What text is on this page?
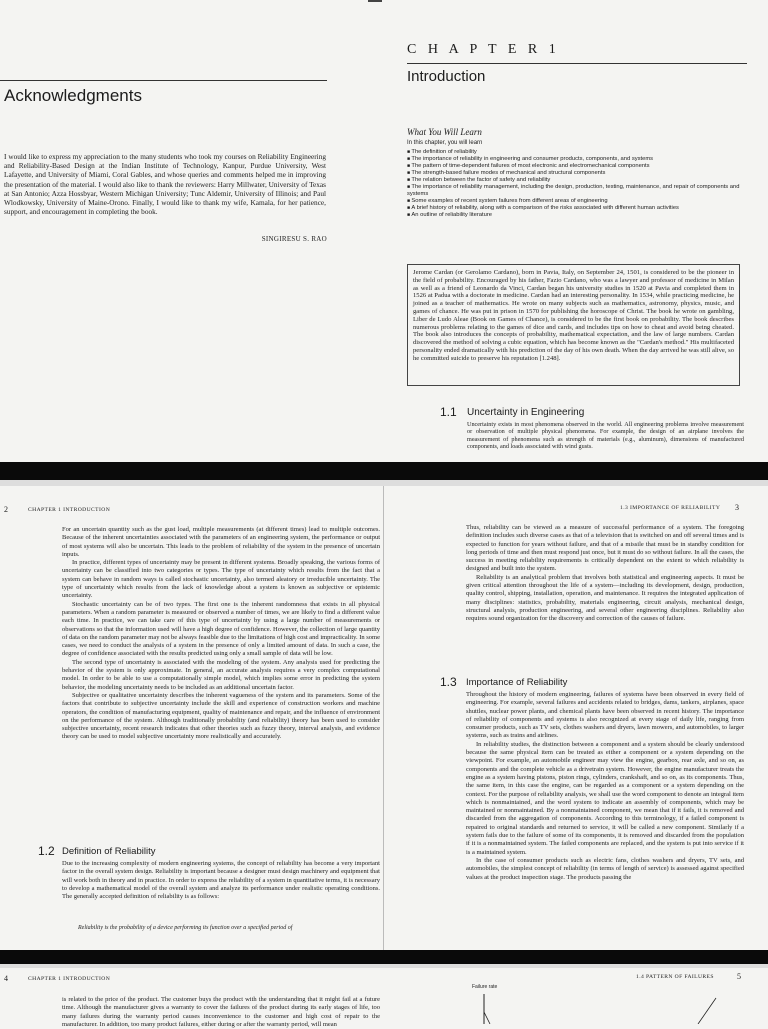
Acknowledgments
I would like to express my appreciation to the many students who took my courses on Reliability Engineering and Reliability-Based Design at the Indian Institute of Technology, Kanpur, Purdue University, West Lafayette, and University of Miami, Coral Gables, and whose queries and comments helped me in improving the presentation of the material. I would also like to thank the reviewers: Harry Millwater, University of Texas at San Antonio; Azza Hossbyar, Western Michigan University; Tunc Aldemir, University of Illinois; and Paul Wlodkowsky, University of Maine-Orono. Finally, I would like to thank my wife, Kamala, for her patience, support, and encouragement in completing the book.
SINGIRESU S. RAO
C H A P T E R 1
Introduction
What You Will Learn
In this chapter, you will learn
■ The definition of reliability
■ The importance of reliability in engineering and consumer products, components, and systems
■ The pattern of time-dependent failures of most electronic and electromechanical components
■ The strength-based failure modes of mechanical and structural components
■ The relation between the factor of safety and reliability
■ The importance of reliability management, including the design, production, testing, maintenance, and repair of components and systems
■ Some examples of recent system failures from different areas of engineering
■ A brief history of reliability, along with a comparison of the risks associated with different human activities
■ An outline of reliability literature
Jerome Cardan (or Gerolamo Cardano), born in Pavia, Italy, on September 24, 1501, is considered to be the pioneer in the field of probability. Encouraged by his father, Fazio Cardano, who was a lawyer and professor of medicine in Milan as well as a friend of Leonardo da Vinci, Cardan began his university studies in 1520 at Pavia and completed them in 1526 at Padua with a doctorate in medicine. Cardan had an interesting personality. In 1534, while practicing medicine, he joined as a teacher of mathematics. He wrote on many subjects such as mathematics, astronomy, physics, music, and games of chance. He was put in prison in 1570 for publishing the horoscope of Christ. The book he wrote on gambling, Liber de Ludo Aleae (Book on Games of Chance), is considered to be the first book on probability. The book describes numerous problems relating to the games of dice and cards, and includes tips on how to cheat and avoid being cheated. The book also introduces the concepts of probability, mathematical expectation, and the law of large numbers. Cardan discovered the method of solving a cubic equation, which has become known as the "Cardan's method." His multifaceted personality ended dramatically with his prediction of the day of his own death. When the day arrived he was still alive, so he committed suicide to preserve his reputation [1.248].
1.1 Uncertainty in Engineering
Uncertainty exists in most phenomena observed in the world. All engineering problems involve measurement or observation of multiple physical phenomena. For example, the design of an airplane involves the measurement of phenomena such as strength of materials (e.g., aluminum), dimensions of manufactured components, and loads associated with wind gusts.
2	CHAPTER 1 INTRODUCTION

For an uncertain quantity such as the gust load, multiple measurements (at different times) lead to multiple outcomes. Because of the inherent uncertainties associated with the parameters of an engineering system, the performance or output of most systems will also be uncertain. This leads to the problem of reliability of the system in the presence of uncertain inputs.

In practice, different types of uncertainty may be present in different systems. Broadly speaking, the various forms of uncertainty can be classified into two categories or types. The type of uncertainty which results from the fact that a system can behave in random ways is called stochastic uncertainty, also termed aleatory or irreducible uncertainty. The type of uncertainty which results from the lack of knowledge about a system is known as subjective or epistemic uncertainty.

Stochastic uncertainty can be of two types. The first one is the inherent randomness that exists in all physical parameters. When a random parameter is measured or observed a number of times, we are likely to find a different value each time. In practice, we can take care of this type of uncertainty by using a large number of measurements or observations so that the information used will have a high degree of confidence. However, the collection of large quantity of data on the random parameter may not be always feasible due to the limitations of high cost and impracticality. In some cases, we need to conduct the analysis of a system in the presence of only a limited amount of data. In such a case, the degree of confidence associated with the results predicted using only a small sample of data will be low.

The second type of uncertainty is associated with the modeling of the system. Any analysis used for predicting the behavior of the system is only approximate. In general, an accurate analysis requires a very complex computational model. In order to be able to use a computationally simple model, which implies some error in predicting the system behavior, the modeling uncertainty needs to be included as an additional uncertain factor.

Subjective or qualitative uncertainty describes the inherent vagueness of the system and its parameters. Some of the factors that contribute to subjective uncertainty include the skill and experience of construction workers and machine operators, the condition of manufacturing equipment, quality of maintenance and repair, and the influence of environment on the performance of the system. Although traditionally probability (and reliability) theory has been used to consider subjective uncertainty, recent research indicates that other theories such as fuzzy theory, interval analysis, and evidence theory can be used to model subjective uncertainty more realistically and accurately.

1.2 Definition of Reliability
Due to the increasing complexity of modern engineering systems, the concept of reliability has become a very important factor in the overall system design. Reliability is important because a designer must design machinery and equipment that will work both in theory and in practice. In order to express the reliability of a system in quantitative terms, it is necessary to develop a mathematical model of the overall system and analyze its performance under realistic operating conditions. The generally accepted definition of reliability is as follows:
Reliability is the probability of a device performing its function over a specified period of
1.3 IMPORTANCE OF RELIABILITY 3

Thus, reliability can be viewed as a measure of successful performance of a system. The foregoing definition includes such diverse cases as that of a television that is switched on and off several times and is expected to function for years without failure, and that of a missile that must be in standby condition for long periods of time and then must respond just once, but it must do so without failure. In all the cases, the success in meeting reliability requirements is critically dependent on the extent to which reliability is designed and built into the system.

Reliability is an analytical problem that involves both statistical and engineering aspects. It must be given critical attention throughout the life of a system—including its development, design, production, quality control, shipping, installation, operation, and maintenance. It requires the integrated application of many disciplines: statistics, probability, materials engineering, circuit analysis, mechanical design, structural analysis, production engineering, and several other engineering disciplines. Reliability also requires sound organization for the discovery and correction of the causes of failure.

1.3 Importance of Reliability

Throughout the history of modern engineering, failures of systems have been observed in every field of engineering. For example, several failures and accidents related to bridges, dams, tankers, airplanes, space shuttles, nuclear power plants, and chemical plants have been observed in recent history. The importance of reliability of components and systems is also recognized at every stage of daily life, ranging from consumer products, such as TV sets, clothes washers and dryers, lawn mowers, and automobiles, to larger systems, such as trains and airlines.

In reliability studies, the distinction between a component and a system should be clearly understood because the same physical item can be treated as either a component or a system depending on the viewpoint. For example, an automobile engineer may view the engine, gearbox, rear axle, and so on, as components and the complete vehicle as a drivetrain system. However, the engine manufacturer treats the engine as a system having pistons, piston rings, cylinders, crankshaft, and so on, as its components. Thus, the same item, in this case the engine, can be regarded as a component or a system depending on the context. For the purpose of reliability analysis, we shall use the word component to denote an integral item which is nonmaintained, and the word system to indicate an assembly of components, which may be maintained or nonmaintained. By a nonmaintained component, we mean that if it fails, it is removed and discarded from the aggregation of components. According to this terminology, if a failed component is repaired to original standards and returned to service, it will be called a new component. Similarly if a system fails due to the failure of some of its components, it is removed and discarded from the population if it is a nonmaintained system. The failed components are replaced, and the system is put into service if it is a maintained system.

In the case of consumer products such as electric fans, clothes washers and dryers, TV sets, and automobiles, the simplest concept of reliability (in terms of length of service) is assessed against specified values at the product inspection stage. The products passing the

4	CHAPTER 1 INTRODUCTION
is related to the price of the product. The customer buys the product with the understanding that it might fail at a future time. Although the manufacturer gives a warranty to cover the failures of the product during its early stages of life, too many failures during the warranty period causes inconvenience to the customer and high cost of repair to the manufacturer. In addition, too many product failures, either during or after the warranty period, will mean
1.4 PATTERN OF FAILURES	5
Failure rate
